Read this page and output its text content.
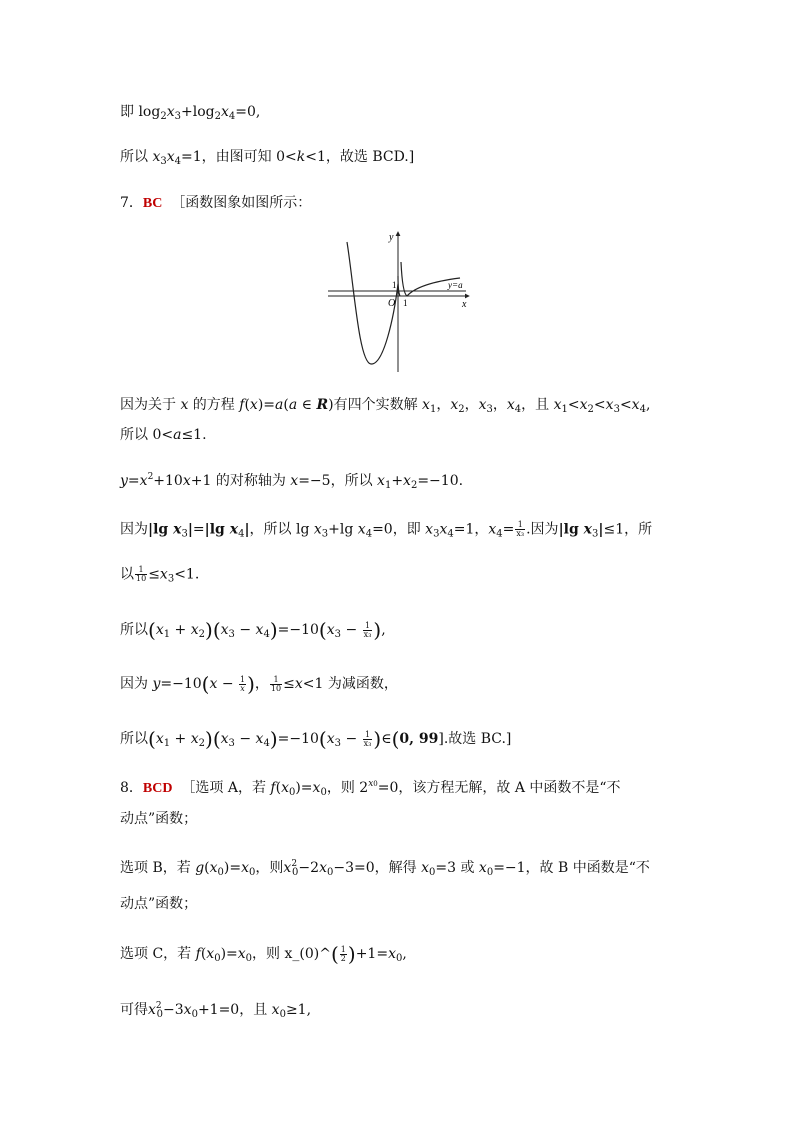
即 $\log_2x_3+\log_2x_4=0$,
所以 $x_3x_4=1$，由图可知 0<k<1，故选 BCD.]
7．BC ［函数图象如图所示：
y
x
O 1
1	y=a
因为关于 x 的方程 f(x)=a(a ∈ R)有四个实数解 $x_1$，$x_2$，$x_3$，$x_4$，且 $x_1<x_2<x_3<x_4$,
所以 0<a≤1.
$y=x^2+10x+1$ 的对称轴为 x=−5，所以 $x_1+x_2=-10$.
因为|lg $x_3|=|\lg$ $x_4|$，所以 $\lg x_3+\lg$ $x_4=0$，即 $x_3x_4=1$，$x_4= \frac{1}{\text{x₃}}$ .因为|lg $x_3|\le 1$，所
以 $\frac{1}{10} \le x_3<1$.
所以$(x_1 + x_2)(x_3 - x_4)=-10(x_3 - \frac{1}{\text{x₃}}$ ),
因为 $y=-10(x - \frac{1}{x}$ )， $\frac{1}{10} \le x<1$ 为减函数，
所以$(x_1 + x_2)(x_3 - x_4)=-10(x_3 - \frac{1}{\text{x₃}}$ )∈(0, 99].故选 BC.]
8．BCD ［选项 A，若 $f(x_0)=x_0$，则 $2^{x0}=0$，该方程无解，故 A 中函数不是“不
动点”函数；
选项 B，若 $g(x_0)=x_0$，则$x^2_0-2x_0-3=0$，解得 $x_0=3$ 或 $x_0=-1$，故 B 中函数是“不
动点”函数；
选项 C，若 $f(x_0)=x_0$，则 x_(0)^( $\frac{1}{2} )+1=x_0$,
可得$x^2_0-3x_0+1=0$，且 $x_0\ge 1$,
